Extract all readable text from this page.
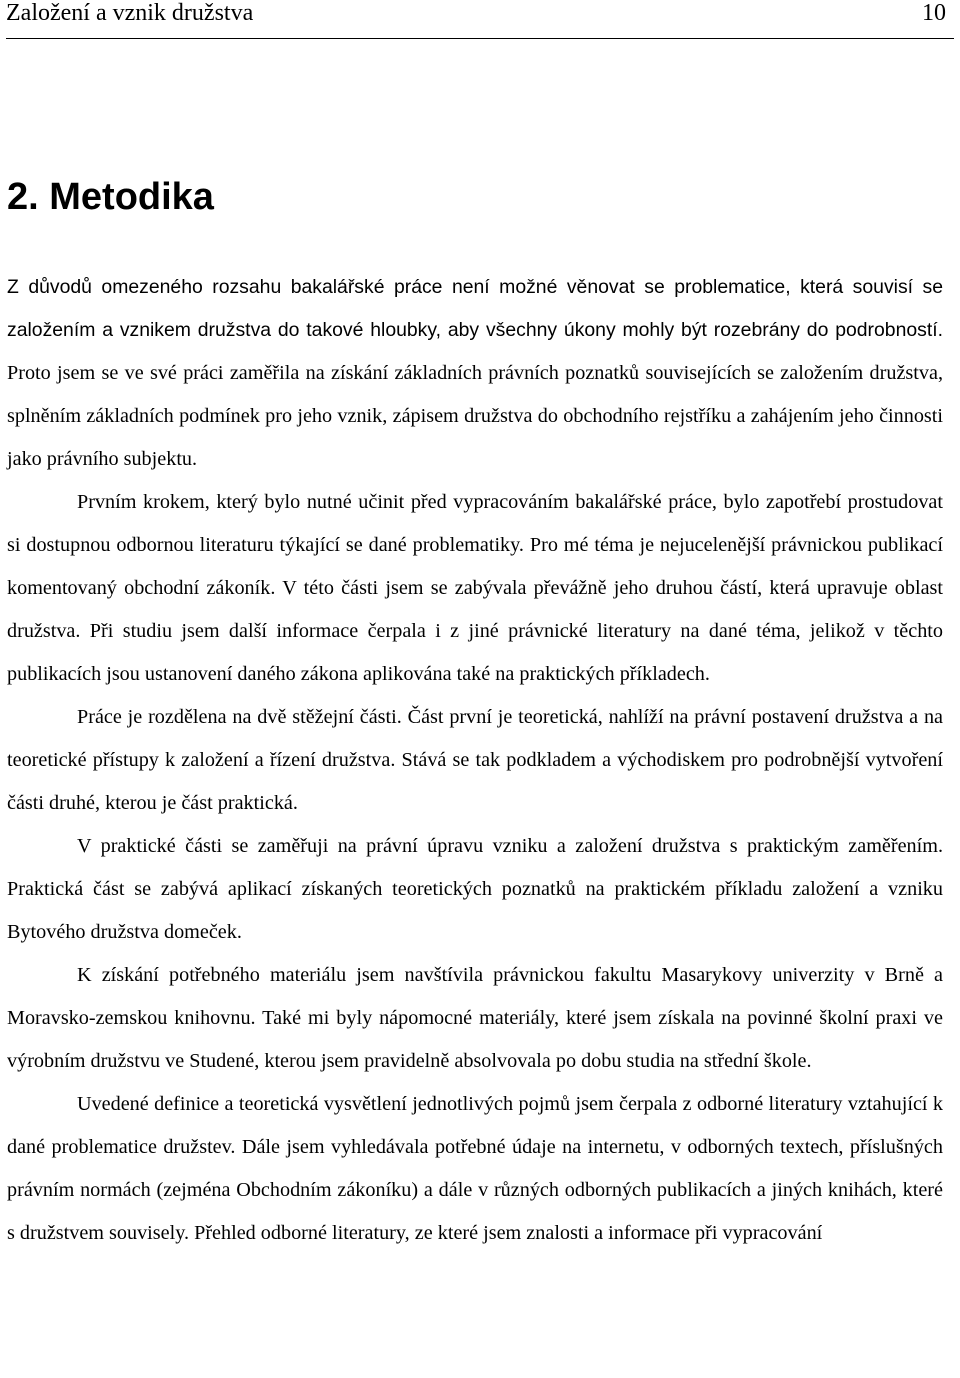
Založení a vznik družstva	10
2. Metodika

Z důvodů omezeného rozsahu bakalářské práce není možné věnovat se problematice, která souvisí se založením a vznikem družstva do takové hloubky, aby všechny úkony mohly být rozebrány do podrobností. Proto jsem se ve své práci zaměřila na získání základních právních poznatků souvisejících se založením družstva, splněním základních podmínek pro jeho vznik, zápisem družstva do obchodního rejstříku a zahájením jeho činnosti jako právního subjektu.

Prvním krokem, který bylo nutné učinit před vypracováním bakalářské práce, bylo zapotřebí prostudovat si dostupnou odbornou literaturu týkající se dané problematiky. Pro mé téma je nejucelenější právnickou publikací komentovaný obchodní zákoník. V této části jsem se zabývala převážně jeho druhou částí, která upravuje oblast družstva. Při studiu jsem další informace čerpala i z jiné právnické literatury na dané téma, jelikož v těchto publikacích jsou ustanovení daného zákona aplikována také na praktických příkladech.

Práce je rozdělena na dvě stěžejní části. Část první je teoretická, nahlíží na právní postavení družstva a na teoretické přístupy k založení a řízení družstva. Stává se tak podkladem a východiskem pro podrobnější vytvoření části druhé, kterou je část praktická.

V praktické části se zaměřuji na právní úpravu vzniku a založení družstva s praktickým zaměřením. Praktická část se zabývá aplikací získaných teoretických poznatků na praktickém příkladu založení a vzniku Bytového družstva domeček.

K získání potřebného materiálu jsem navštívila právnickou fakultu Masarykovy univerzity v Brně a Moravsko-zemskou knihovnu. Také mi byly nápomocné materiály, které jsem získala na povinné školní praxi ve výrobním družstvu ve Studené, kterou jsem pravidelně absolvovala po dobu studia na střední škole.

Uvedené definice a teoretická vysvětlení jednotlivých pojmů jsem čerpala z odborné literatury vztahující k dané problematice družstev. Dále jsem vyhledávala potřebné údaje na internetu, v odborných textech, příslušných právním normách (zejména Obchodním zákoníku) a dále v různých odborných publikacích a jiných knihách, které s družstvem souvisely. Přehled odborné literatury, ze které jsem znalosti a informace při vypracování
